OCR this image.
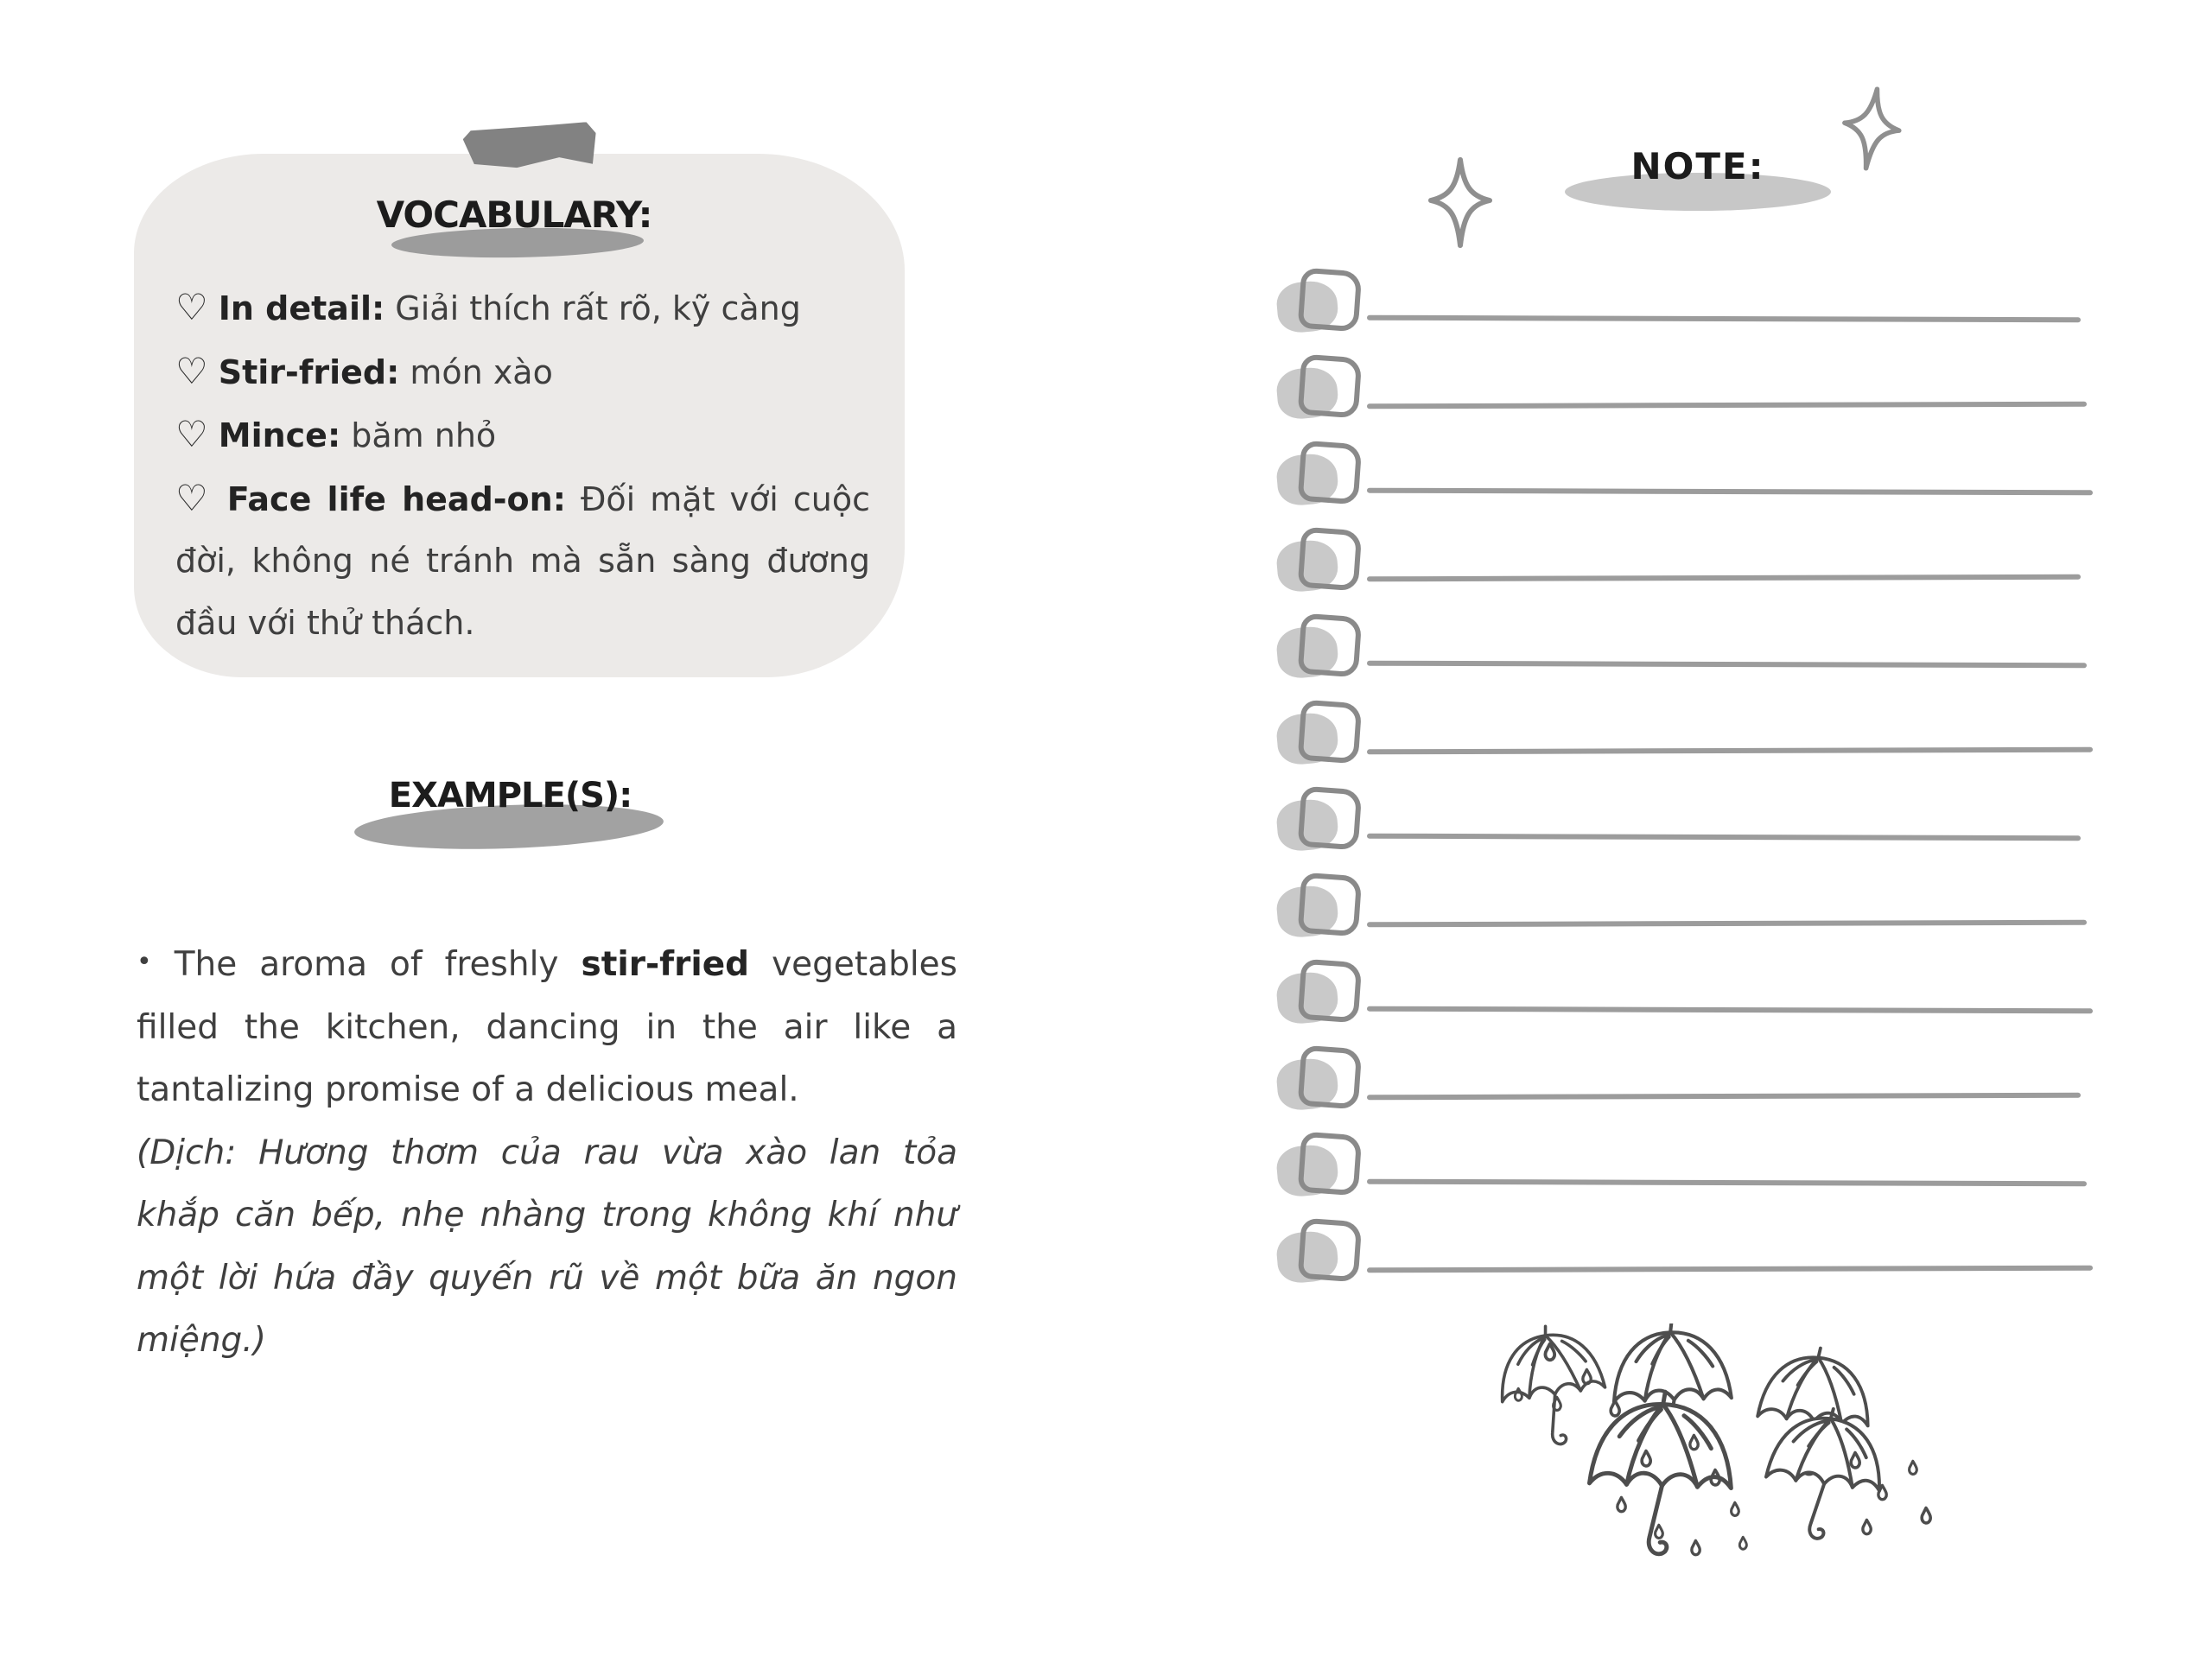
VOCABULARY:

♡ In detail: Giải thích rất rõ, kỹ càng

♡ Stir-fried: món xào

♡ Mince: băm nhỏ

♡ Face life head-on: Đối mặt với cuộc đời, không né tránh mà sẵn sàng đương đầu với thử thách.

EXAMPLE(S):

• The aroma of freshly stir-fried vegetables filled the kitchen, dancing in the air like a tantalizing promise of a delicious meal.

(Dịch: Hương thơm của rau vừa xào lan tỏa khắp căn bếp, nhẹ nhàng trong không khí như một lời hứa đầy quyến rũ về một bữa ăn ngon miệng.)

NOTE:
